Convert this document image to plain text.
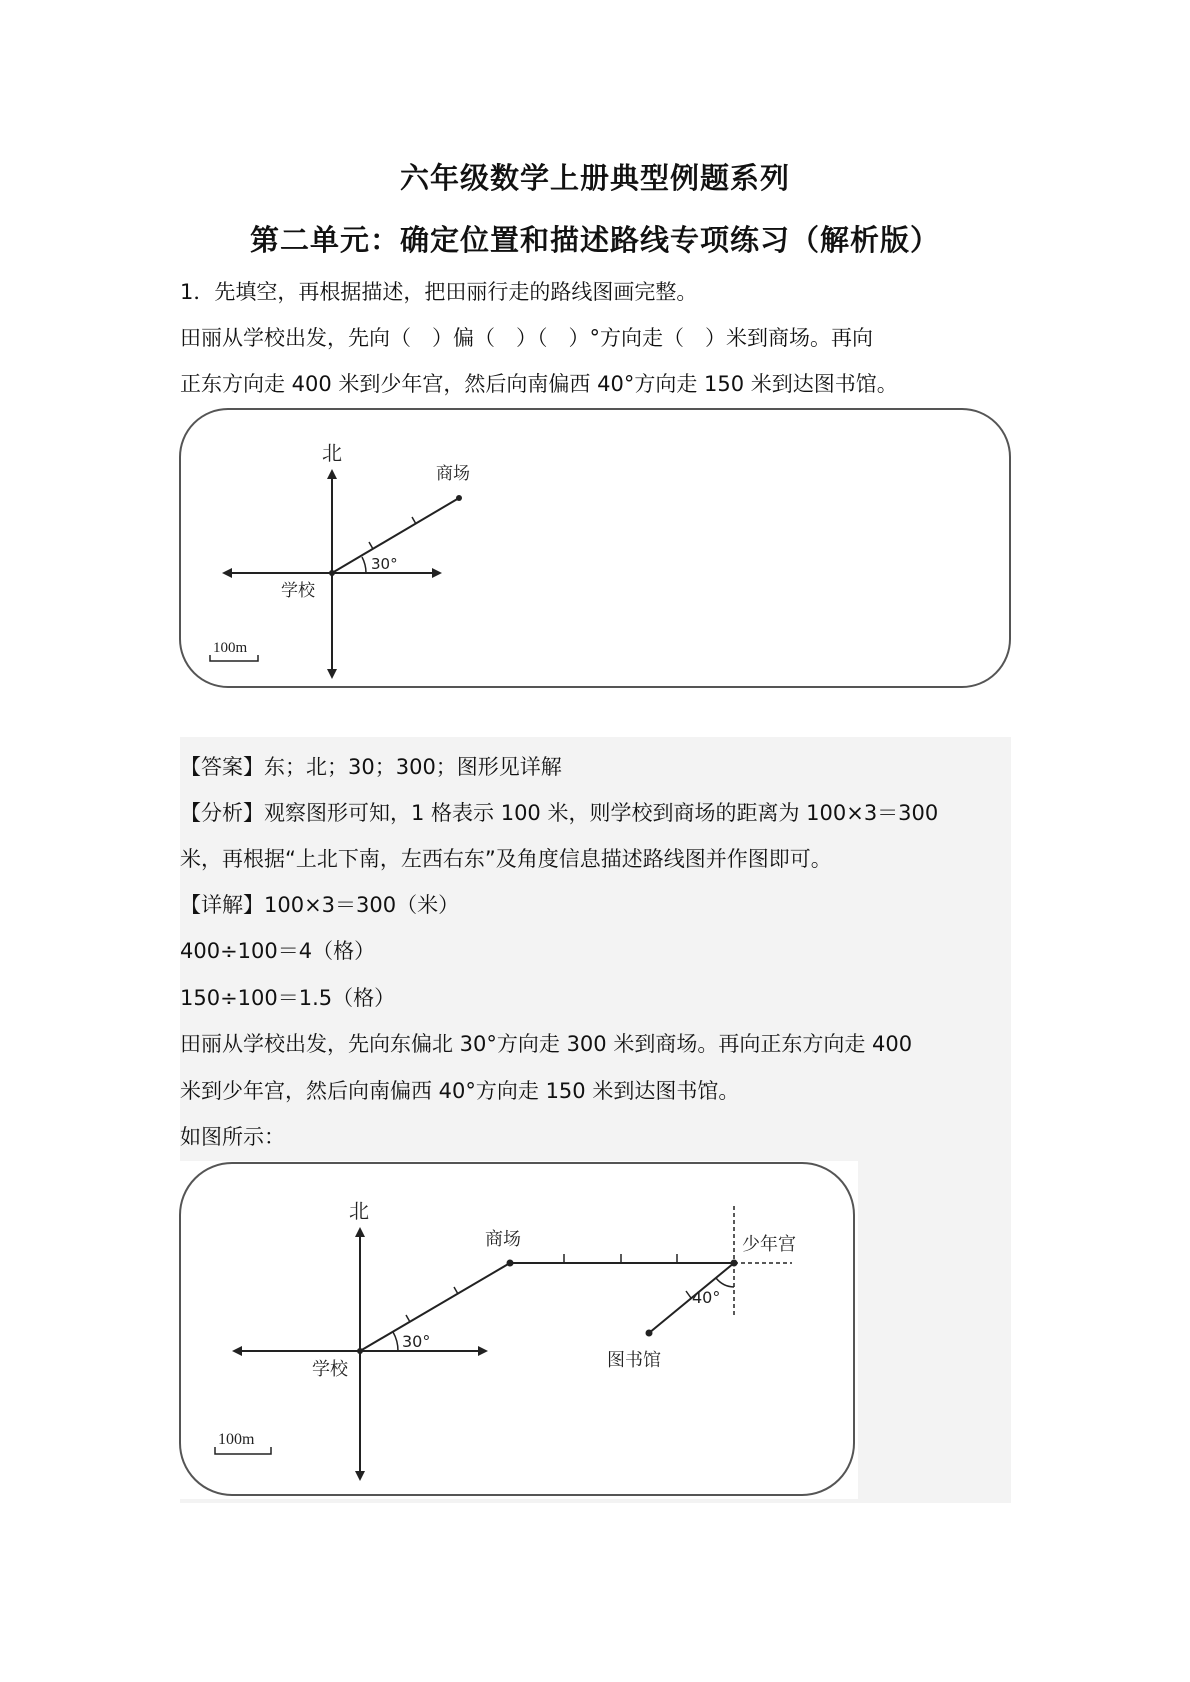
六年级数学上册典型例题系列
第二单元：确定位置和描述路线专项练习（解析版）
1．先填空，再根据描述，把田丽行走的路线图画完整。
田丽从学校出发，先向（　）偏（　）（　）°方向走（　）米到商场。再向
正东方向走 400 米到少年宫，然后向南偏西 40°方向走 150 米到达图书馆。
北
商场
学校
30°
100m
【答案】东；北；30；300；图形见详解
【分析】观察图形可知，1 格表示 100 米，则学校到商场的距离为 100×3＝300
米，再根据“上北下南，左西右东”及角度信息描述路线图并作图即可。
【详解】100×3＝300（米）
400÷100＝4（格）
150÷100＝1.5（格）
田丽从学校出发，先向东偏北 30°方向走 300 米到商场。再向正东方向走 400
米到少年宫，然后向南偏西 40°方向走 150 米到达图书馆。
如图所示：
北
商场	少年宫
图书馆
学校
30°
40°
100m
